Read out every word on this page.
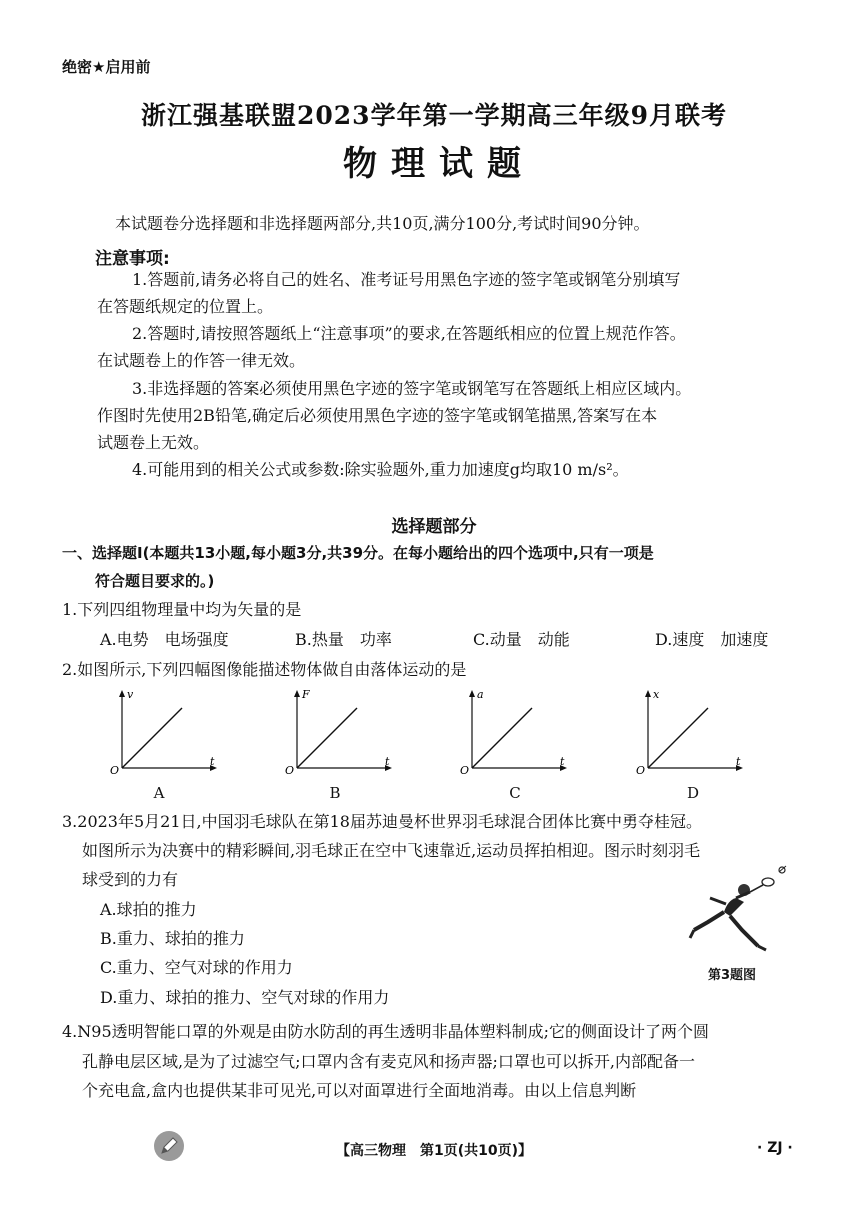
绝密★启用前
浙江强基联盟2023学年第一学期高三年级9月联考
物理试题
本试题卷分选择题和非选择题两部分,共10页,满分100分,考试时间90分钟。
注意事项:
1.答题前,请务必将自己的姓名、准考证号用黑色字迹的签字笔或钢笔分别填写
在答题纸规定的位置上。
2.答题时,请按照答题纸上“注意事项”的要求,在答题纸相应的位置上规范作答。
在试题卷上的作答一律无效。
3.非选择题的答案必须使用黑色字迹的签字笔或钢笔写在答题纸上相应区域内。
作图时先使用2B铅笔,确定后必须使用黑色字迹的签字笔或钢笔描黑,答案写在本
试题卷上无效。
4.可能用到的相关公式或参数:除实验题外,重力加速度g均取10 m/s²。
选择题部分
一、选择题Ⅰ(本题共13小题,每小题3分,共39分。在每小题给出的四个选项中,只有一项是
符合题目要求的。)
1.下列四组物理量中均为矢量的是
A.电势　电场强度	B.热量　功率	C.动量　动能	D.速度　加速度
2.如图所示,下列四幅图像能描述物体做自由落体运动的是
v
t
O
A
F
t
O
B
a
t
O
C
x
t
O
D
3.2023年5月21日,中国羽毛球队在第18届苏迪曼杯世界羽毛球混合团体比赛中勇夺桂冠。
如图所示为决赛中的精彩瞬间,羽毛球正在空中飞速靠近,运动员挥拍相迎。图示时刻羽毛
球受到的力有
A.球拍的推力
B.重力、球拍的推力
C.重力、空气对球的作用力
D.重力、球拍的推力、空气对球的作用力
第3题图
4.N95透明智能口罩的外观是由防水防刮的再生透明非晶体塑料制成;它的侧面设计了两个圆
孔静电层区域,是为了过滤空气;口罩内含有麦克风和扬声器;口罩也可以拆开,内部配备一
个充电盒,盒内也提供某非可见光,可以对面罩进行全面地消毒。由以上信息判断
【高三物理　第1页(共10页)】	· ZJ ·
